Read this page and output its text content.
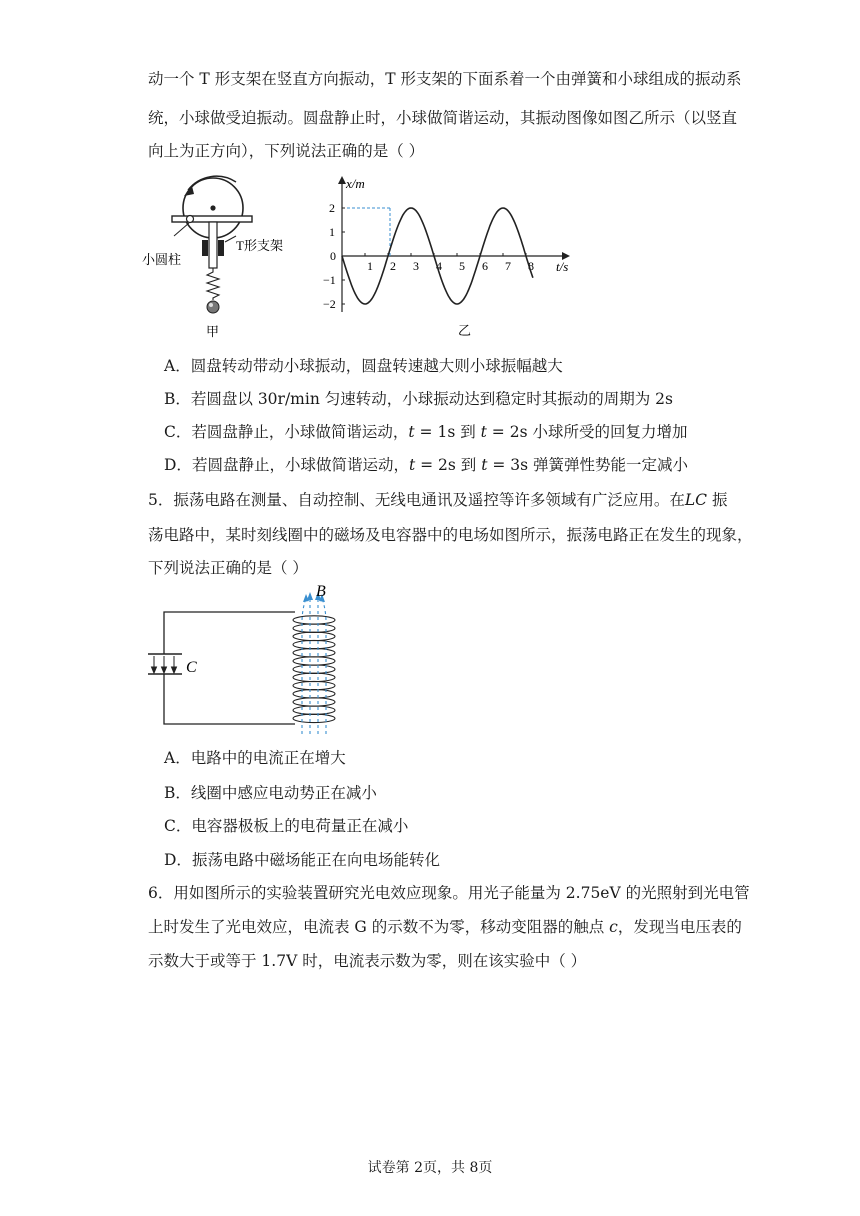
动一个 T 形支架在竖直方向振动，T 形支架的下面系着一个由弹簧和小球组成的振动系
统，小球做受迫振动。圆盘静止时，小球做简谐运动，其振动图像如图乙所示（以竖直
向上为正方向），下列说法正确的是（ ）
小圆柱
T形支架
甲
x/m
t/s
0
1 2 3 4 5 6 7 8
2
1
−1
−2
乙
A．圆盘转动带动小球振动，圆盘转速越大则小球振幅越大
B．若圆盘以 30r/min 匀速转动，小球振动达到稳定时其振动的周期为 2s
C．若圆盘静止，小球做简谐运动，t = 1s 到 t = 2s 小球所受的回复力增加
D．若圆盘静止，小球做简谐运动，t = 2s 到 t = 3s 弹簧弹性势能一定减小
5．振荡电路在测量、自动控制、无线电通讯及遥控等许多领域有广泛应用。在LC 振
荡电路中，某时刻线圈中的磁场及电容器中的电场如图所示，振荡电路正在发生的现象，
下列说法正确的是（ ）
C
B
A．电路中的电流正在增大
B．线圈中感应电动势正在减小
C．电容器极板上的电荷量正在减小
D．振荡电路中磁场能正在向电场能转化
6．用如图所示的实验装置研究光电效应现象。用光子能量为 2.75eV 的光照射到光电管
上时发生了光电效应，电流表 G 的示数不为零，移动变阻器的触点 c，发现当电压表的
示数大于或等于 1.7V 时，电流表示数为零，则在该实验中（ ）
试卷第 2页，共 8页
